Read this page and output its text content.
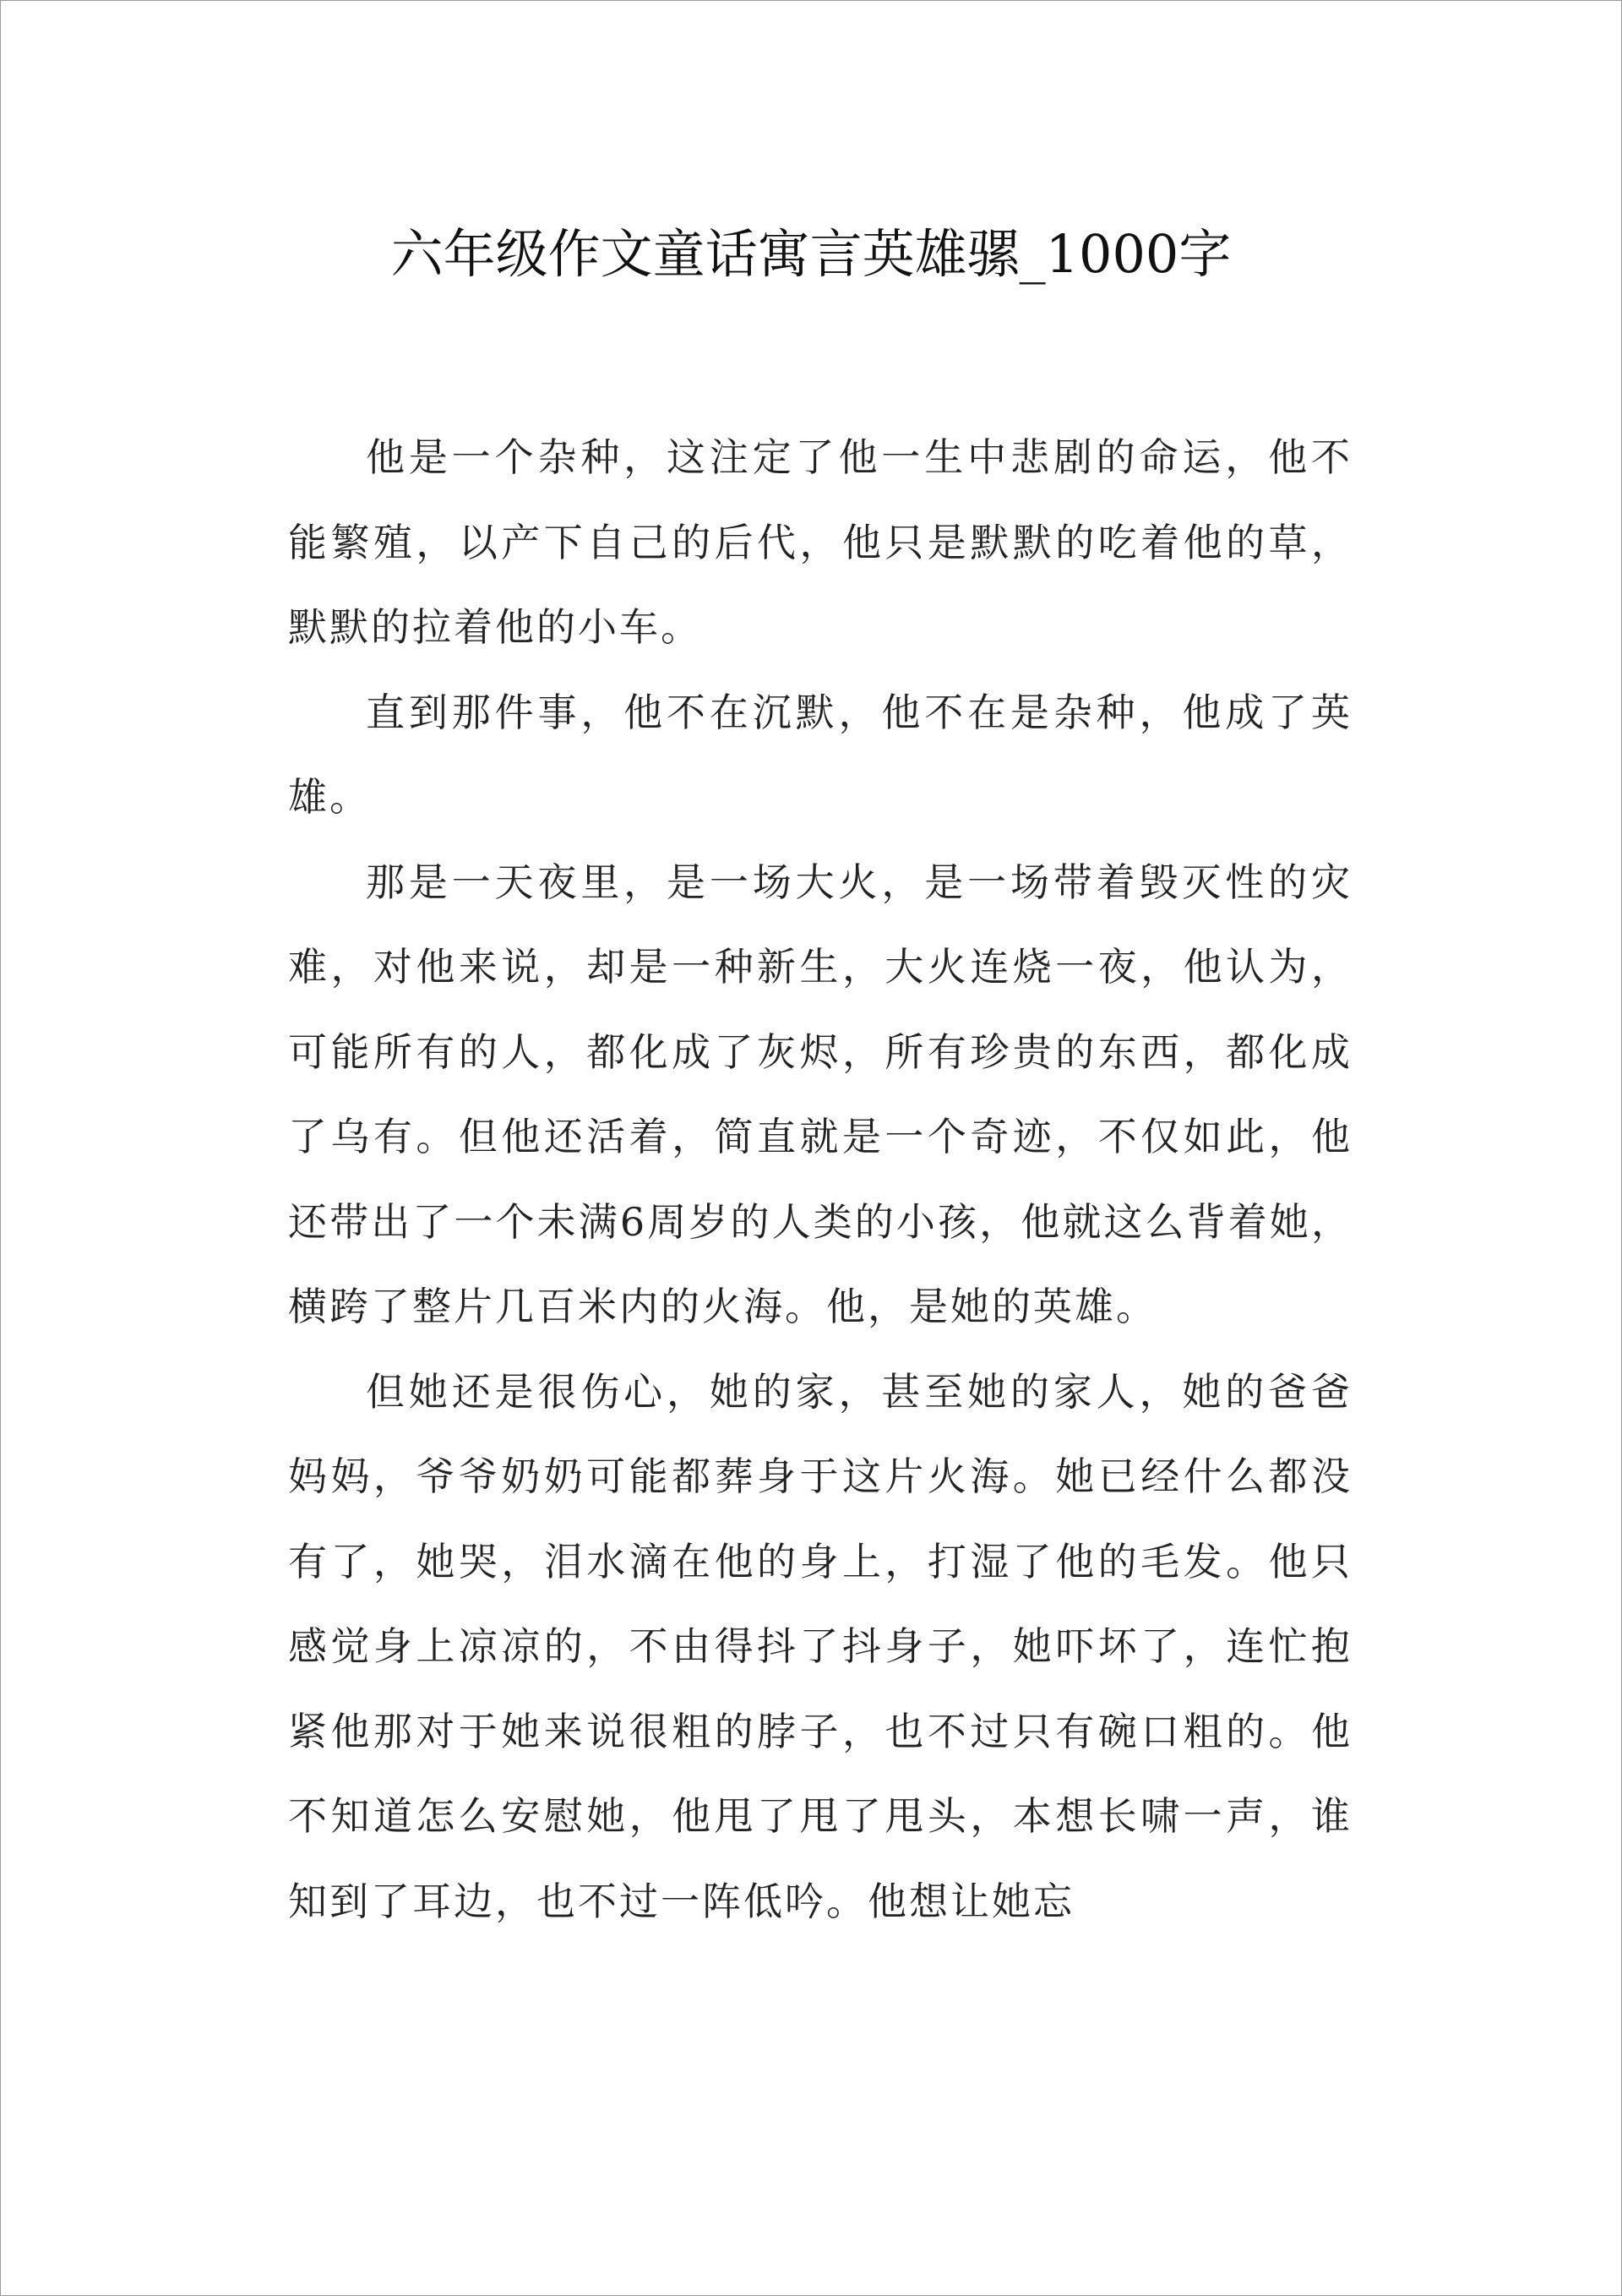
六年级作文童话寓言英雄骡_1000字

他是一个杂种，这注定了他一生中悲剧的命运，他不能繁殖，以产下自己的后代，他只是默默的吃着他的草，默默的拉着他的小车。

直到那件事，他不在沉默，他不在是杂种，他成了英雄。

那是一天夜里，是一场大火，是一场带着毁灭性的灾难，对他来说，却是一种新生，大火连烧一夜，他认为，可能所有的人，都化成了灰烬，所有珍贵的东西，都化成了乌有。但他还活着，简直就是一个奇迹，不仅如此，他还带出了一个未满6周岁的人类的小孩，他就这么背着她，横跨了整片几百米内的火海。他，是她的英雄。

但她还是很伤心，她的家，甚至她的家人，她的爸爸妈妈，爷爷奶奶可能都葬身于这片火海。她已经什么都没有了，她哭，泪水滴在他的身上，打湿了他的毛发。他只感觉身上凉凉的，不由得抖了抖身子，她吓坏了，连忙抱紧他那对于她来说很粗的脖子，也不过只有碗口粗的。他不知道怎么安慰她，他甩了甩了甩头，本想长啸一声，谁知到了耳边，也不过一阵低吟。他想让她忘
